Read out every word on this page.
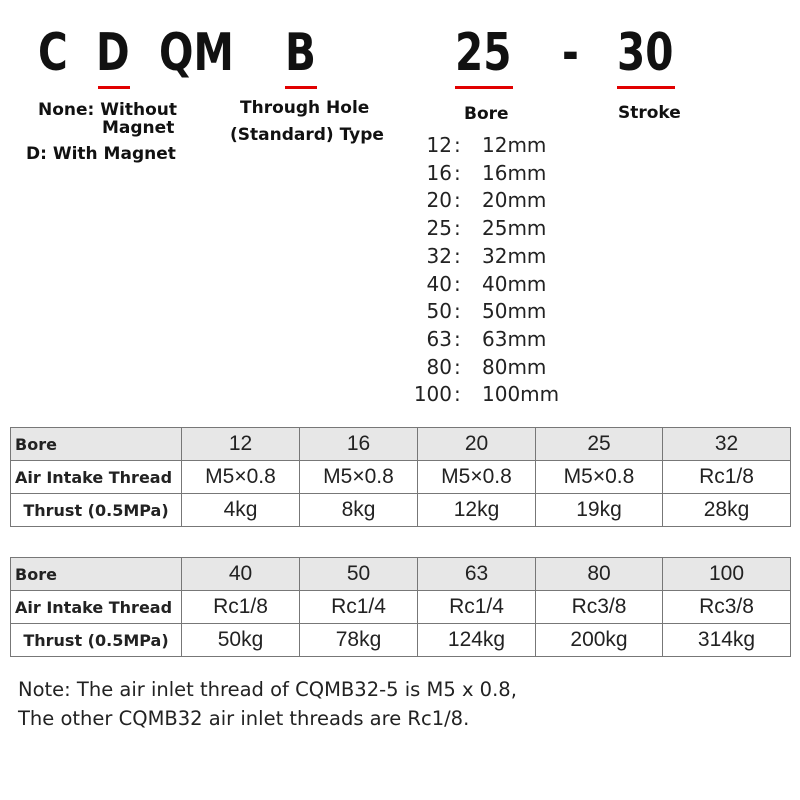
C D QM B	25 - 30
None: Without
Magnet
D: With Magnet
Through Hole
(Standard) Type
Bore	Stroke
12 :	12mm
16 :	16mm
20 :	20mm
25 :	25mm
32 :	32mm
40 :	40mm
50 :	50mm
63 :	63mm
80 :	80mm
100 :	100mm
Bore	12	16	20	25	32
Air Intake Thread	M5×0.8	M5×0.8	M5×0.8	M5×0.8	Rc1/8
Thrust (0.5MPa)	4kg	8kg	12kg	19kg	28kg
Bore	40	50	63	80	100
Air Intake Thread	Rc1/8	Rc1/4	Rc1/4	Rc3/8	Rc3/8
Thrust (0.5MPa)	50kg	78kg	124kg	200kg	314kg
Note: The air inlet thread of CQMB32-5 is M5 x 0.8,
The other CQMB32 air inlet threads are Rc1/8.
